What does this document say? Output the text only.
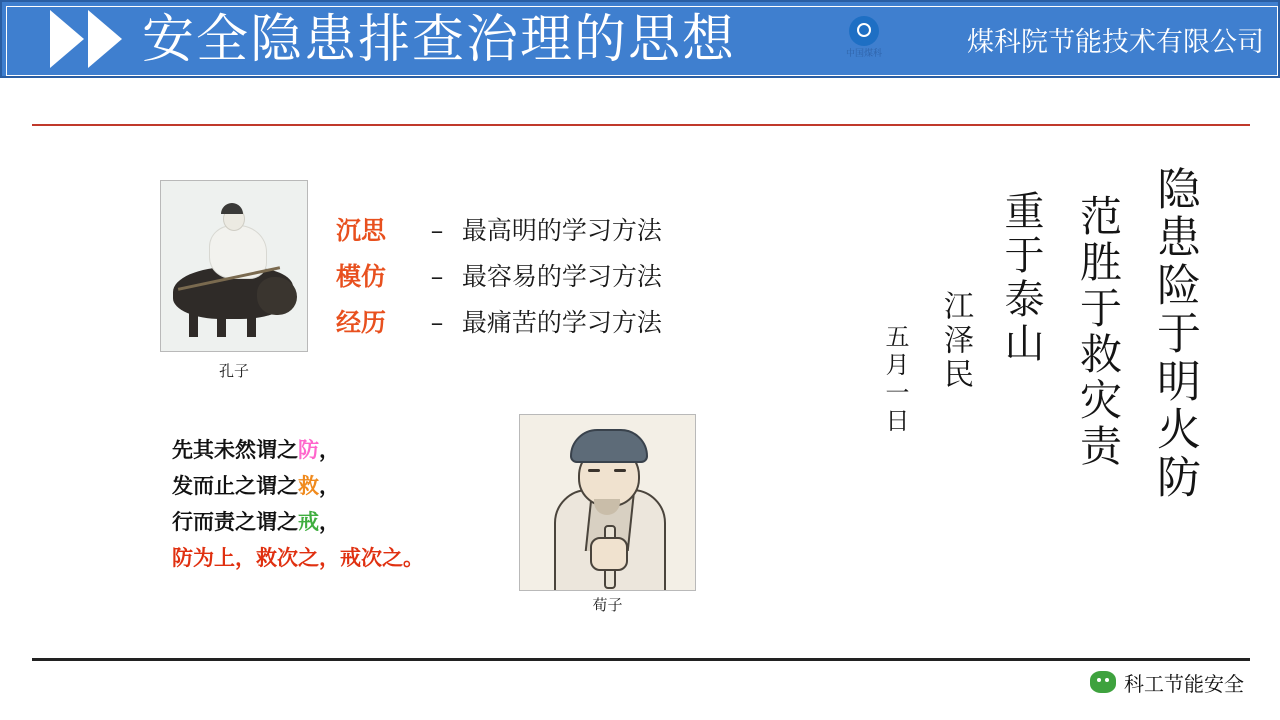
安全隐患排查治理的思想	中国煤科	煤科院节能技术有限公司
孔子
沉思 – 最高明的学习方法
模仿 – 最容易的学习方法
经历 – 最痛苦的学习方法
先其未然谓之防，
发而止之谓之救，
行而责之谓之戒，
防为上，救次之，戒次之。
荀子
隐患险于明火防
范胜于救灾责
重于泰山
江泽民
五月一日
科工节能安全
